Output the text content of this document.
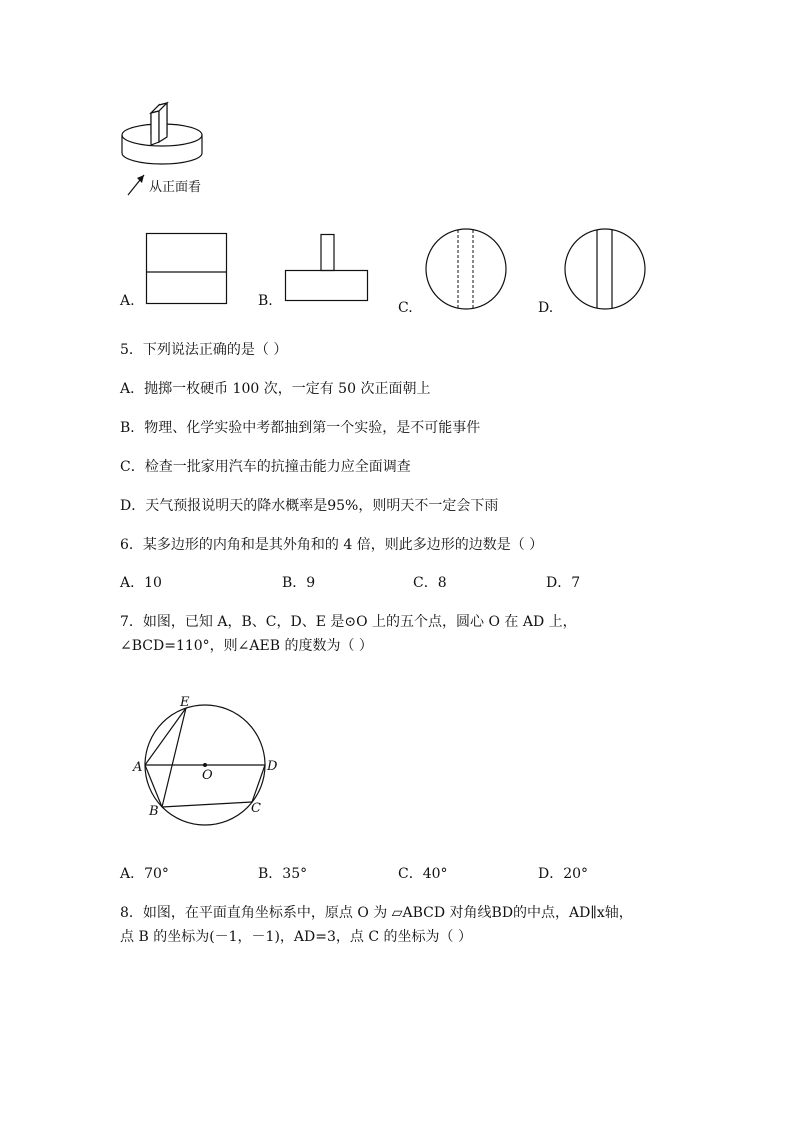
从正面看
A.	B.	C.	D.
5．下列说法正确的是（ ）
A．抛掷一枚硬币 100 次，一定有 50 次正面朝上
B．物理、化学实验中考都抽到第一个实验，是不可能事件
C．检查一批家用汽车的抗撞击能力应全面调查
D．天气预报说明天的降水概率是95%，则明天不一定会下雨
6．某多边形的内角和是其外角和的 4 倍，则此多边形的边数是（ ）
A．10	B．9	C．8	D．7
7．如图，已知 A，B、C，D、E 是⊙O 上的五个点，圆心 O 在 AD 上，
∠BCD=110°，则∠AEB 的度数为（ ）
E
A
O
D
B	C
A．70°	B．35°	C．40°	D．20°
8．如图，在平面直角坐标系中，原点 O 为 ▱ABCD 对角线BD的中点，AD∥x轴，
点 B 的坐标为(－1，－1)，AD=3，点 C 的坐标为（ ）
